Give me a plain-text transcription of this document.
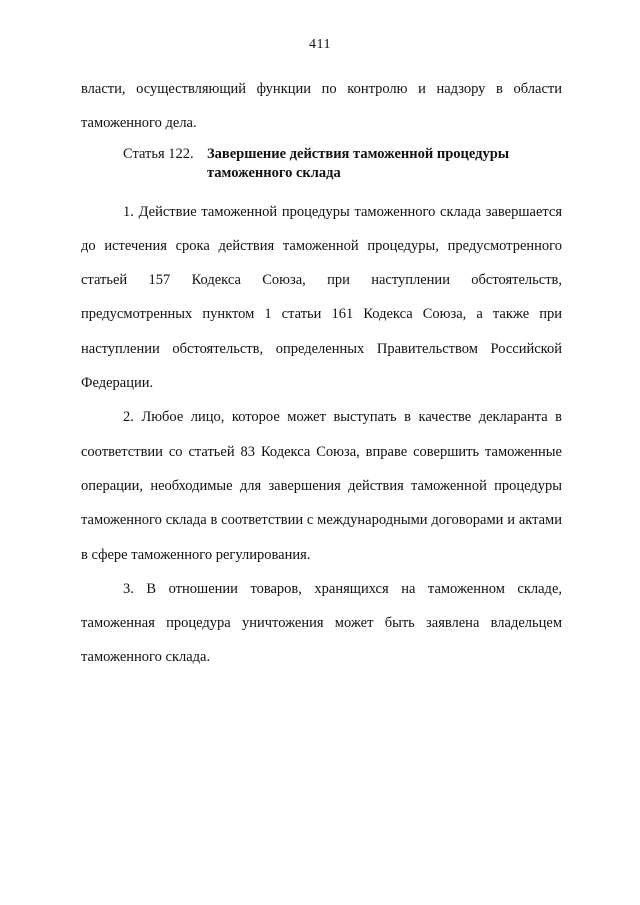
411

власти, осуществляющий функции по контролю и надзору в области таможенного дела.

Статья 122. Завершение действия таможенной процедуры
таможенного склада

1. Действие таможенной процедуры таможенного склада завершается до истечения срока действия таможенной процедуры, предусмотренного статьей 157 Кодекса Союза, при наступлении обстоятельств, предусмотренных пунктом 1 статьи 161 Кодекса Союза, а также при наступлении обстоятельств, определенных Правительством Российской Федерации.

2. Любое лицо, которое может выступать в качестве декларанта в соответствии со статьей 83 Кодекса Союза, вправе совершить таможенные операции, необходимые для завершения действия таможенной процедуры таможенного склада в соответствии с международными договорами и актами в сфере таможенного регулирования.

3. В отношении товаров, хранящихся на таможенном складе, таможенная процедура уничтожения может быть заявлена владельцем таможенного склада.
